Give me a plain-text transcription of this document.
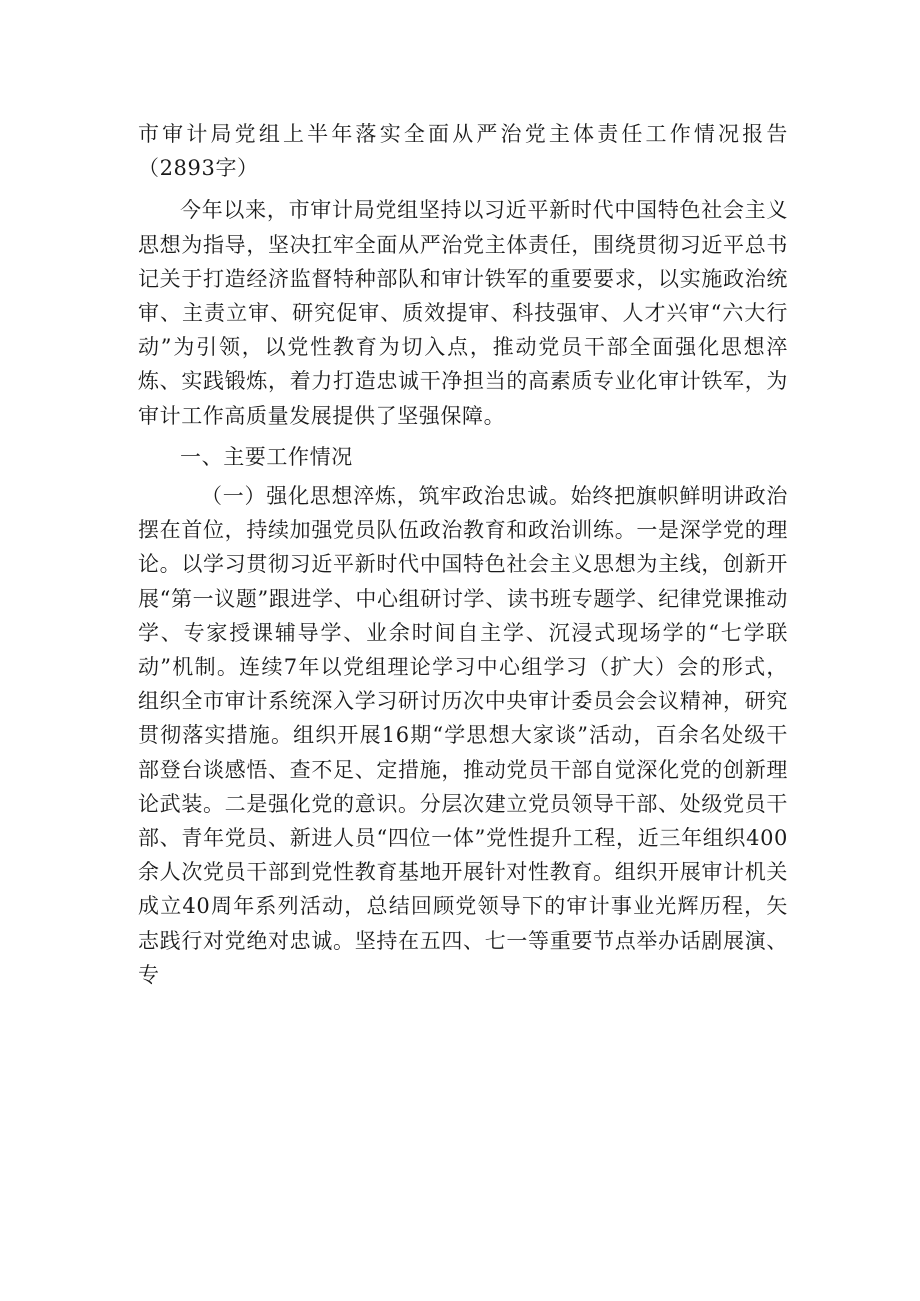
市审计局党组上半年落实全面从严治党主体责任工作情况报告（2893字）

今年以来，市审计局党组坚持以习近平新时代中国特色社会主义思想为指导，坚决扛牢全面从严治党主体责任，围绕贯彻习近平总书记关于打造经济监督特种部队和审计铁军的重要要求，以实施政治统审、主责立审、研究促审、质效提审、科技强审、人才兴审“六大行动”为引领，以党性教育为切入点，推动党员干部全面强化思想淬炼、实践锻炼，着力打造忠诚干净担当的高素质专业化审计铁军，为审计工作高质量发展提供了坚强保障。

一、主要工作情况

（一）强化思想淬炼，筑牢政治忠诚。始终把旗帜鲜明讲政治摆在首位，持续加强党员队伍政治教育和政治训练。一是深学党的理论。以学习贯彻习近平新时代中国特色社会主义思想为主线，创新开展“第一议题”跟进学、中心组研讨学、读书班专题学、纪律党课推动学、专家授课辅导学、业余时间自主学、沉浸式现场学的“七学联动”机制。连续7年以党组理论学习中心组学习（扩大）会的形式，组织全市审计系统深入学习研讨历次中央审计委员会会议精神，研究贯彻落实措施。组织开展16期“学思想大家谈”活动，百余名处级干部登台谈感悟、查不足、定措施，推动党员干部自觉深化党的创新理论武装。二是强化党的意识。分层次建立党员领导干部、处级党员干部、青年党员、新进人员“四位一体”党性提升工程，近三年组织400余人次党员干部到党性教育基地开展针对性教育。组织开展审计机关成立40周年系列活动，总结回顾党领导下的审计事业光辉历程，矢志践行对党绝对忠诚。坚持在五四、七一等重要节点举办话剧展演、专
